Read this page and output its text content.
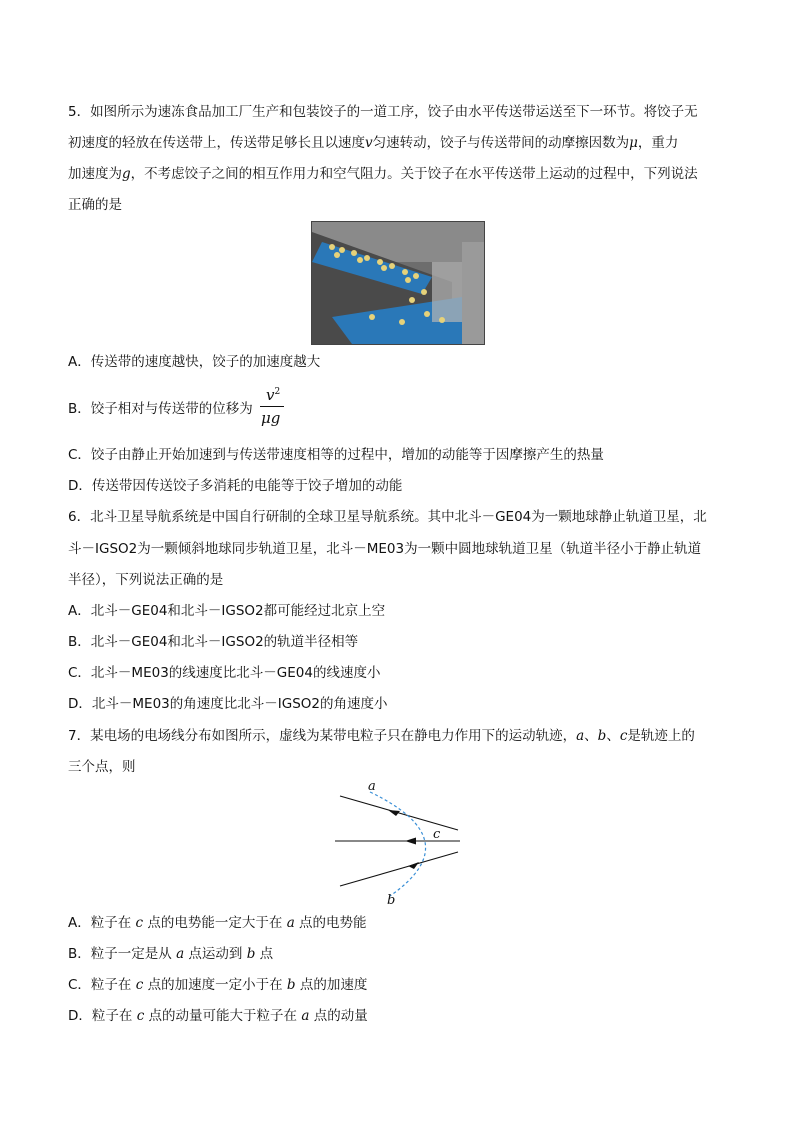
5．如图所示为速冻食品加工厂生产和包装饺子的一道工序，饺子由水平传送带运送至下一环节。将饺子无
初速度的轻放在传送带上，传送带足够长且以速度v匀速转动，饺子与传送带间的动摩擦因数为μ，重力
加速度为g，不考虑饺子之间的相互作用力和空气阻力。关于饺子在水平传送带上运动的过程中，下列说法
正确的是
A．传送带的速度越快，饺子的加速度越大
B．饺子相对与传送带的位移为
$v^2$
μg
C．饺子由静止开始加速到与传送带速度相等的过程中，增加的动能等于因摩擦产生的热量
D．传送带因传送饺子多消耗的电能等于饺子增加的动能
6．北斗卫星导航系统是中国自行研制的全球卫星导航系统。其中北斗－GE04为一颗地球静止轨道卫星，北
斗－IGSO2为一颗倾斜地球同步轨道卫星，北斗－ME03为一颗中圆地球轨道卫星（轨道半径小于静止轨道
半径），下列说法正确的是
A．北斗－GE04和北斗－IGSO2都可能经过北京上空
B．北斗－GE04和北斗－IGSO2的轨道半径相等
C．北斗－ME03的线速度比北斗－GE04的线速度小
D．北斗－ME03的角速度比北斗－IGSO2的角速度小
7．某电场的电场线分布如图所示，虚线为某带电粒子只在静电力作用下的运动轨迹，a、b、c是轨迹上的
三个点，则
a
c
b
A．粒子在 c 点的电势能一定大于在 a 点的电势能
B．粒子一定是从 a 点运动到 b 点
C．粒子在 c 点的加速度一定小于在 b 点的加速度
D．粒子在 c 点的动量可能大于粒子在 a 点的动量
